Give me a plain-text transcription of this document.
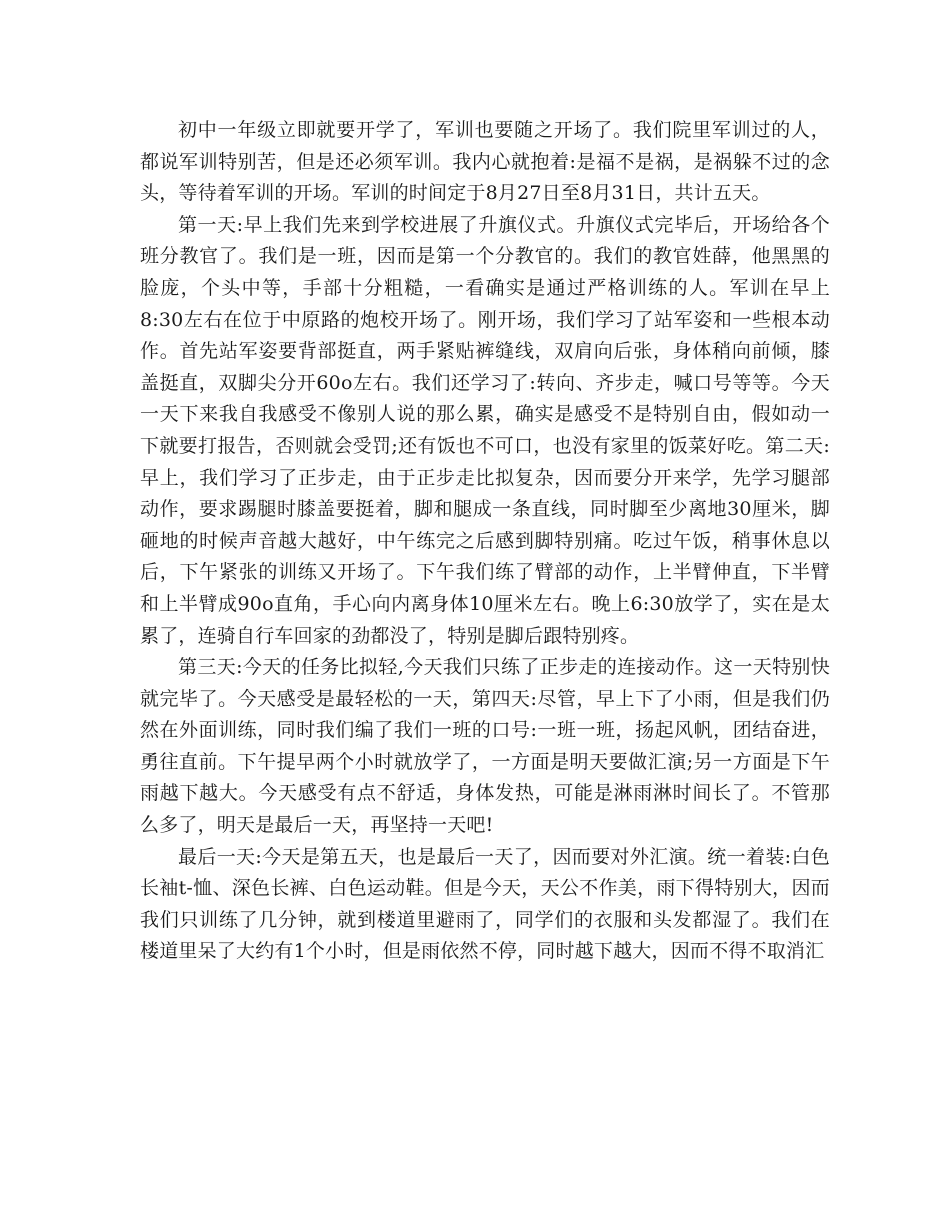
初中一年级立即就要开学了，军训也要随之开场了。我们院里军训过的人，都说军训特别苦，但是还必须军训。我内心就抱着:是福不是祸，是祸躲不过的念头，等待着军训的开场。军训的时间定于8月27日至8月31日，共计五天。

第一天:早上我们先来到学校进展了升旗仪式。升旗仪式完毕后，开场给各个班分教官了。我们是一班，因而是第一个分教官的。我们的教官姓薛，他黑黑的脸庞，个头中等，手部十分粗糙，一看确实是通过严格训练的人。军训在早上8:30左右在位于中原路的炮校开场了。刚开场，我们学习了站军姿和一些根本动作。首先站军姿要背部挺直，两手紧贴裤缝线，双肩向后张，身体稍向前倾，膝盖挺直，双脚尖分开60o左右。我们还学习了:转向、齐步走，喊口号等等。今天一天下来我自我感受不像别人说的那么累，确实是感受不是特别自由，假如动一下就要打报告，否则就会受罚;还有饭也不可口，也没有家里的饭菜好吃。第二天:早上，我们学习了正步走，由于正步走比拟复杂，因而要分开来学，先学习腿部动作，要求踢腿时膝盖要挺着，脚和腿成一条直线，同时脚至少离地30厘米，脚砸地的时候声音越大越好，中午练完之后感到脚特别痛。吃过午饭，稍事休息以后，下午紧张的训练又开场了。下午我们练了臂部的动作，上半臂伸直，下半臂和上半臂成90o直角，手心向内离身体10厘米左右。晚上6:30放学了，实在是太累了，连骑自行车回家的劲都没了，特别是脚后跟特别疼。

第三天:今天的任务比拟轻,今天我们只练了正步走的连接动作。这一天特别快就完毕了。今天感受是最轻松的一天，第四天:尽管，早上下了小雨，但是我们仍然在外面训练，同时我们编了我们一班的口号:一班一班，扬起风帆，团结奋进，勇往直前。下午提早两个小时就放学了，一方面是明天要做汇演;另一方面是下午雨越下越大。今天感受有点不舒适，身体发热，可能是淋雨淋时间长了。不管那么多了，明天是最后一天，再坚持一天吧!

最后一天:今天是第五天，也是最后一天了，因而要对外汇演。统一着装:白色长袖t-恤、深色长裤、白色运动鞋。但是今天，天公不作美，雨下得特别大，因而我们只训练了几分钟，就到楼道里避雨了，同学们的衣服和头发都湿了。我们在楼道里呆了大约有1个小时，但是雨依然不停，同时越下越大，因而不得不取消汇
